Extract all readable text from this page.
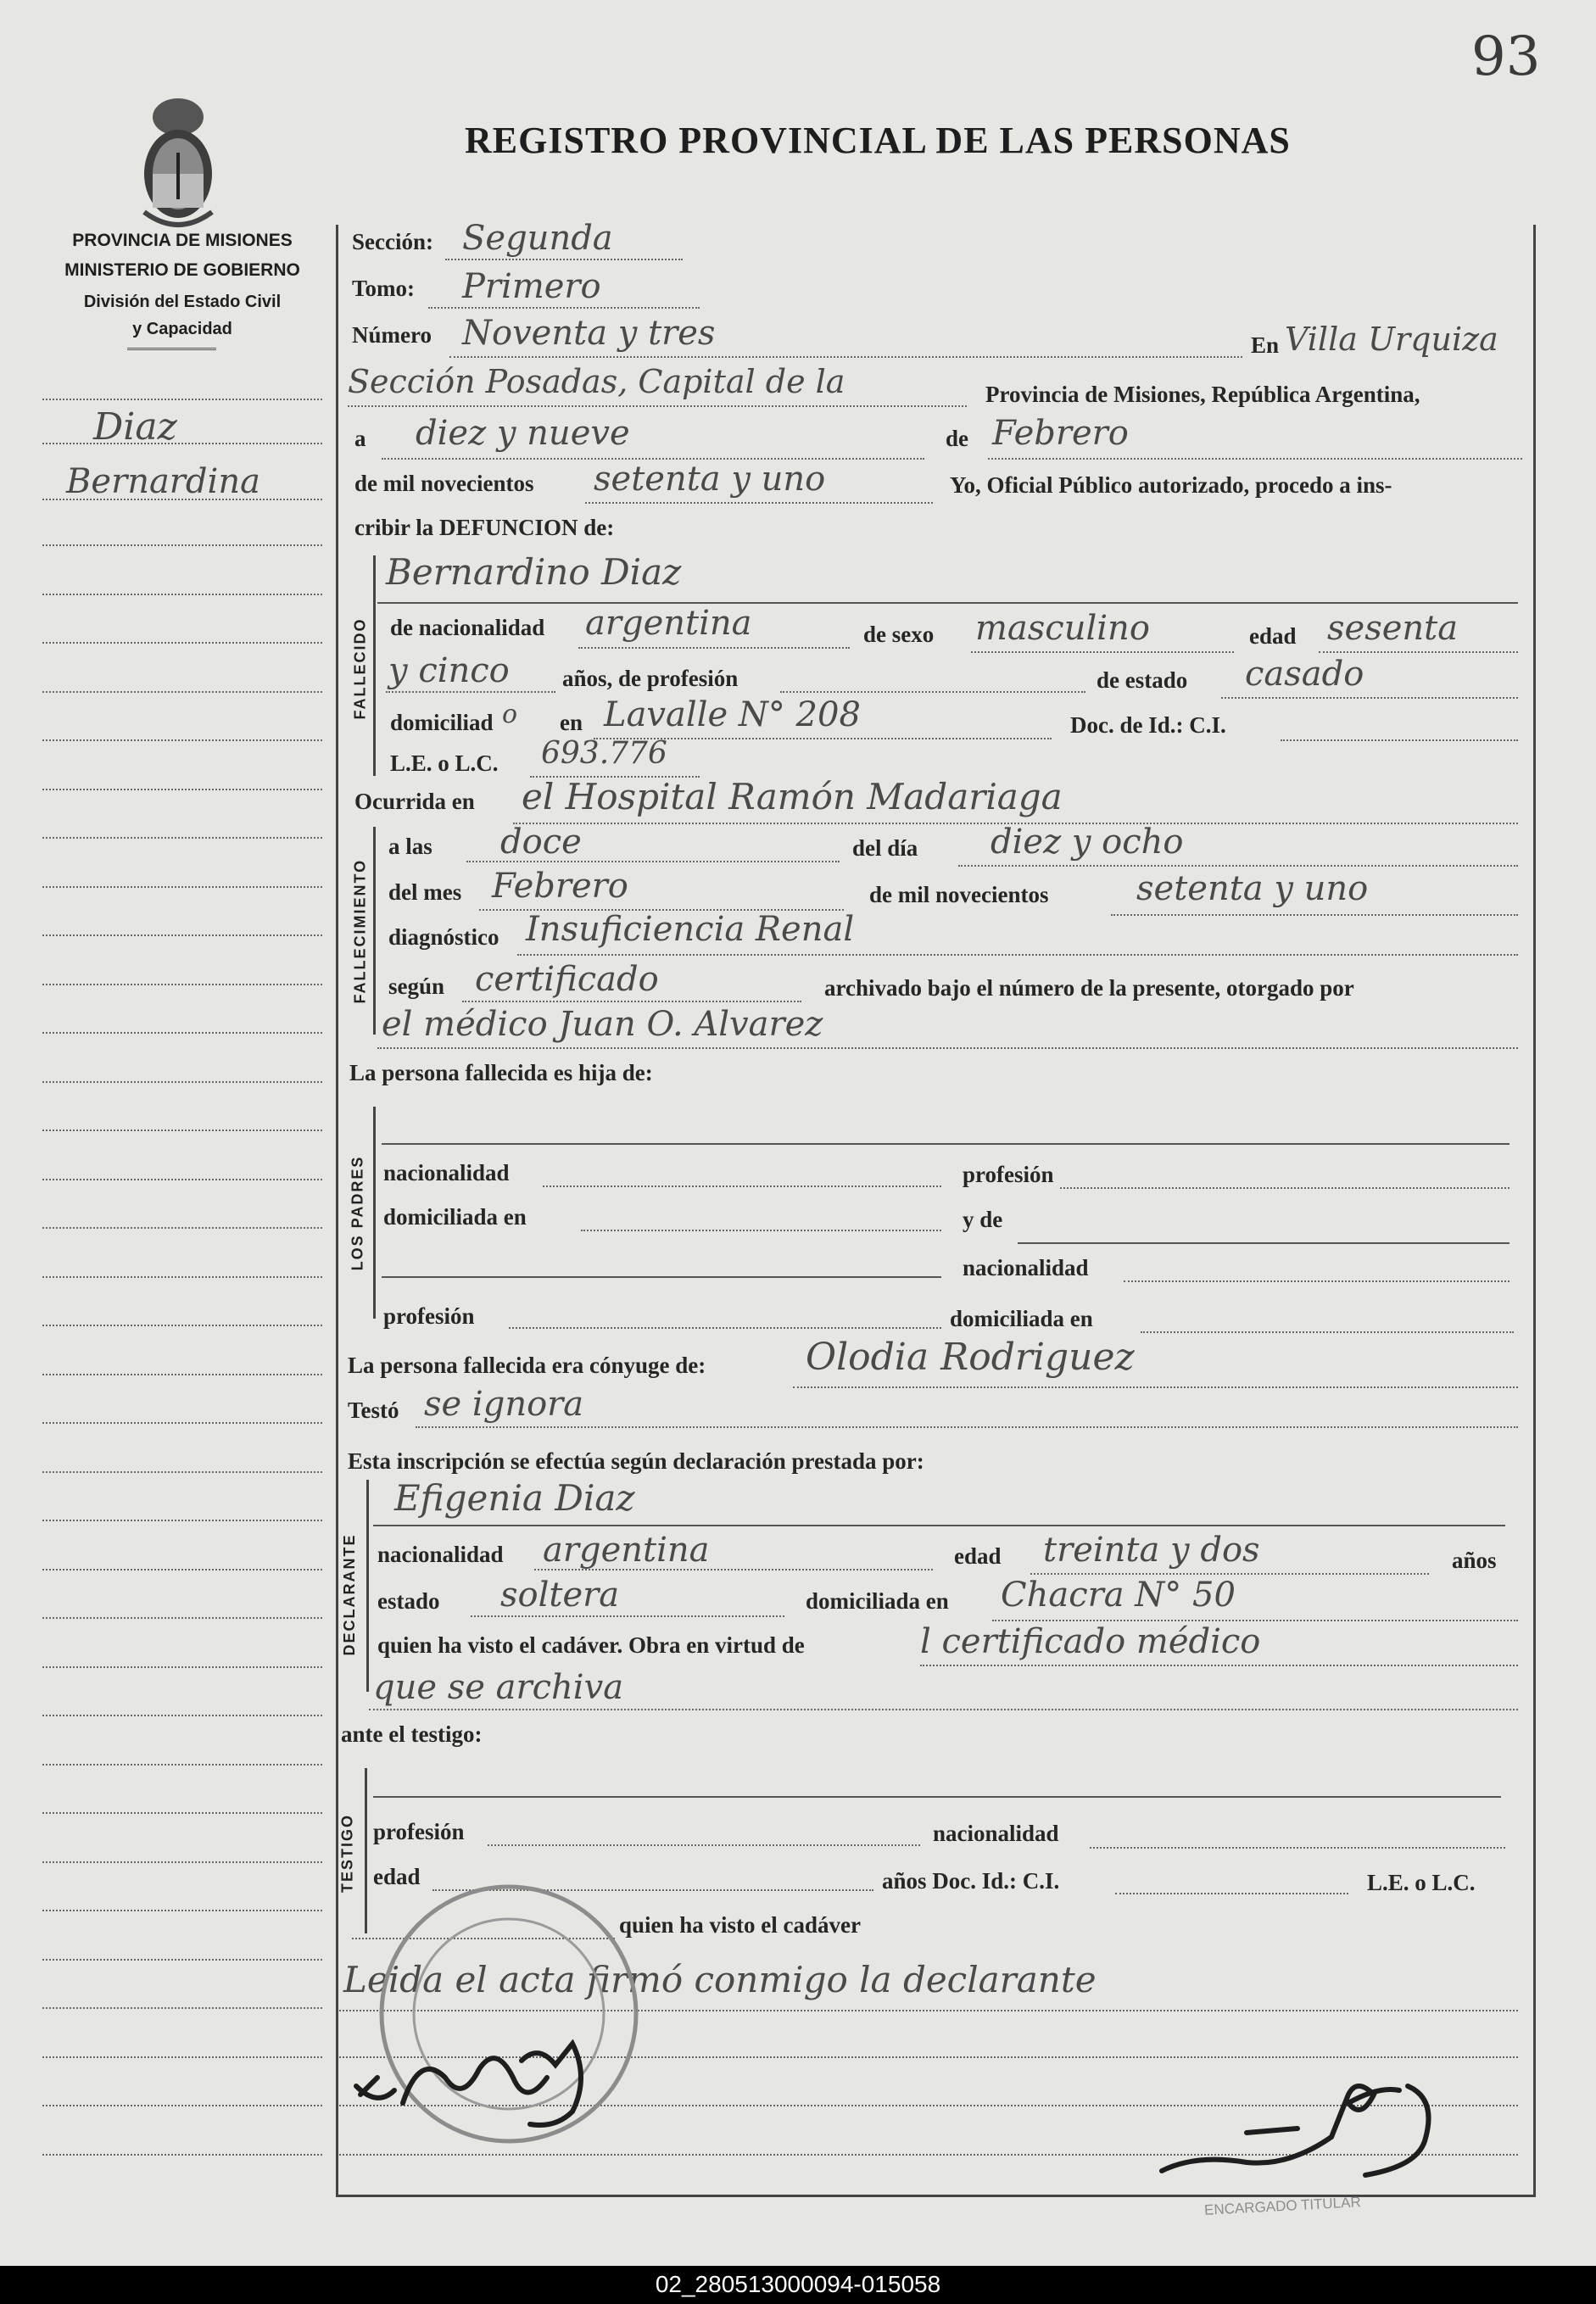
93
PROVINCIA DE MISIONES
MINISTERIO DE GOBIERNO
División del Estado Civil
y Capacidad
REGISTRO PROVINCIAL DE LAS PERSONAS
Diaz
Bernardina
Sección: Segunda
Tomo: Primero
Número Noventa y tres	En Villa Urquiza
Sección Posadas, Capital de la	Provincia de Misiones, República Argentina,
a diez y nueve	de Febrero
de mil novecientos setenta y uno	Yo, Oficial Público autorizado, procedo a ins-
cribir la DEFUNCION de:
FALLECIDO
Bernardino Diaz
de nacionalidad argentina	de sexo masculino	edad sesenta
y cinco años, de profesión	de estado casado
domiciliad o en Lavalle N° 208	Doc. de Id.: C.I.
L.E. o L.C. 693.776
Ocurrida en el Hospital Ramón Madariaga
FALLECIMIENTO
a las doce	del día diez y ocho
del mes Febrero	de mil novecientos	setenta y uno
diagnóstico Insuficiencia Renal
según certificado	archivado bajo el número de la presente, otorgado por
el médico Juan O. Alvarez
La persona fallecida es hija de:
LOS PADRES nacionalidad	profesión
domiciliada en	y de
nacionalidad
profesión	domiciliada en
La persona fallecida era cónyuge de:	Olodia Rodriguez
Testó se ignora
Esta inscripción se efectúa según declaración prestada por:
DECLARANTE
Efigenia Diaz
nacionalidad argentina	edad treinta y dos	años
estado soltera	domiciliada en Chacra N° 50
quien ha visto el cadáver. Obra en virtud de	l certificado médico
que se archiva
ante el testigo:
TESTIGO profesión	nacionalidad
edad	años Doc. Id.: C.I.	L.E. o L.C.
quien ha visto el cadáver
Leida el acta firmó conmigo la declarante
ENCARGADO TITULAR
02_280513000094-015058
